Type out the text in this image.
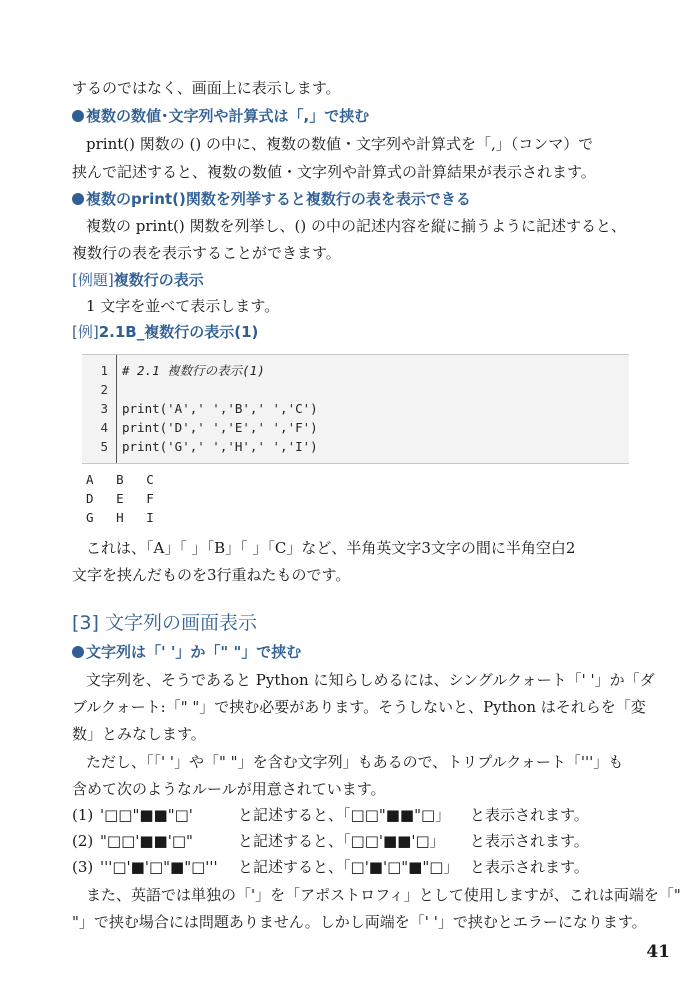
するのではなく、画面上に表示します。
複数の数値･文字列や計算式は「,」で挟む
print() 関数の () の中に、複数の数値・文字列や計算式を「,」（コンマ）で
挟んで記述すると、複数の数値・文字列や計算式の計算結果が表示されます。
複数のprint()関数を列挙すると複数行の表を表示できる
複数の print() 関数を列挙し、() の中の記述内容を縦に揃うように記述すると、
複数行の表を表示することができます。
[例題]複数行の表示
1 文字を並べて表示します。
[例]2.1B_複数行の表示(1)
1 # 2.1 複数行の表示(1)
2
3 print('A',' ','B',' ','C')
4 print('D',' ','E',' ','F')
5 print('G',' ','H',' ','I')
A   B   C
D   E   F
G   H   I
これは、「A」「 」「B」「 」「C」など、半角英文字3文字の間に半角空白2
文字を挟んだものを3行重ねたものです。
[3] 文字列の画面表示
文字列は「' '」か「" "」で挟む
文字列を、そうであると Python に知らしめるには、シングルクォート「' '」か「ダ
ブルクォート:「" "」で挟む必要があります。そうしないと、Python はそれらを「変
数」とみなします。
ただし、「「' '」や「" "」を含む文字列」もあるので、トリプルクォート「'''」も
含めて次のようなルールが用意されています。
(1) '□□"■■"□'	と記述すると、「□□"■■"□」 と表示されます。
(2) "□□'■■'□"	と記述すると、「□□'■■'□」 と表示されます。
(3) '''□'■'□"■"□''' と記述すると、「□'■'□"■"□」 と表示されます。
また、英語では単独の「'」を「アポストロフィ」として使用しますが、これは両端を「"
"」で挟む場合には問題ありません。しかし両端を「' '」で挟むとエラーになります。
41
